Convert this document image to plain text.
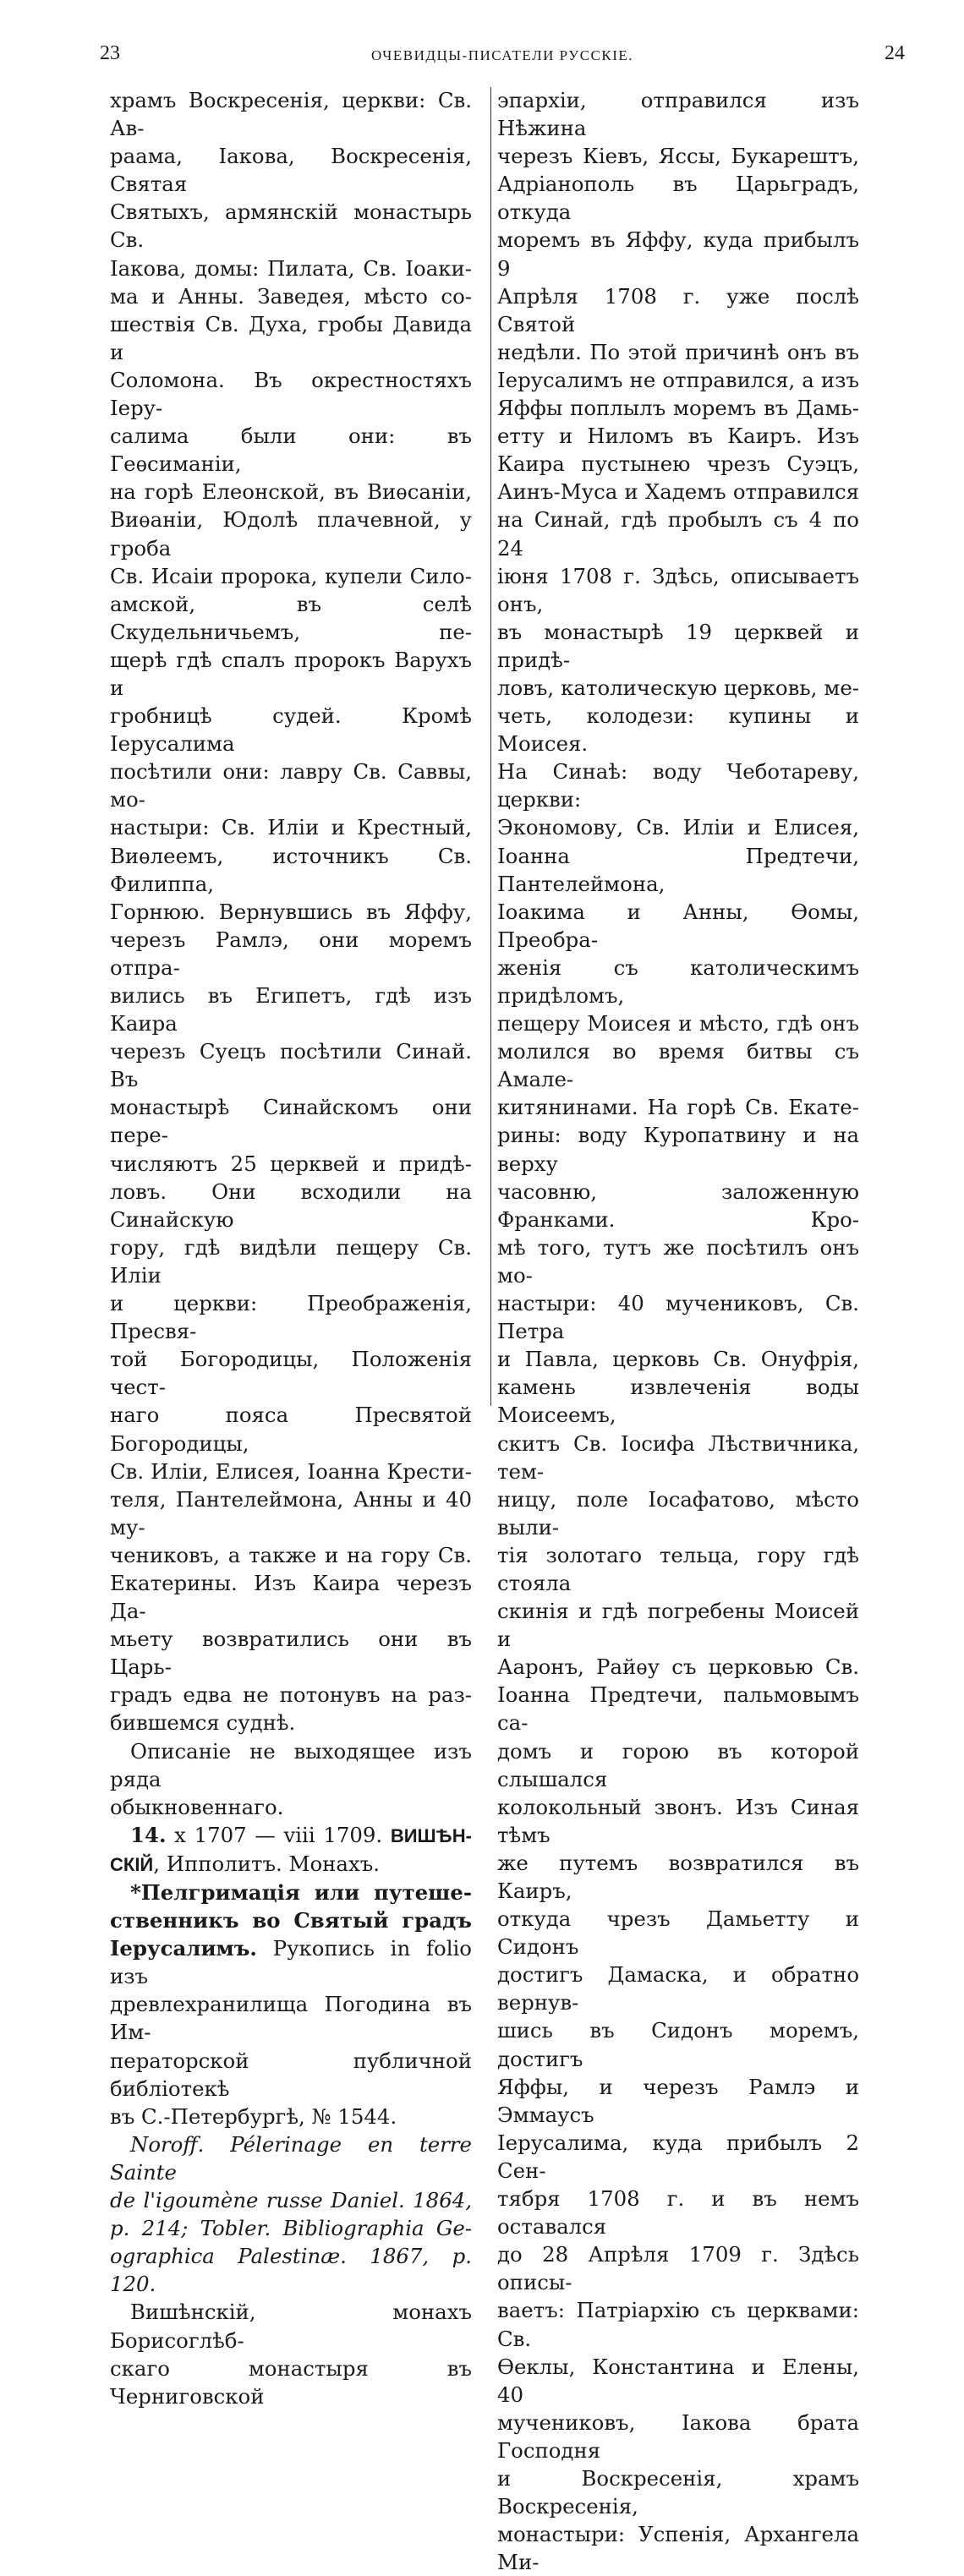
23	ОЧЕВИДЦЫ-ПИСАТЕЛИ РУССКІЕ.	24

храмъ Воскресенія, церкви: Св. Ав-

раама, Іакова, Воскресенія, Святая

Святыхъ, армянскій монастырь Св.

Іакова, домы: Пилата, Св. Іоаки-

ма и Анны. Заведея, мѣсто со-

шествія Св. Духа, гробы Давида и

Соломона. Въ окрестностяхъ Іеру-

салима были они: въ Геѳсиманіи,

на горѣ Елеонской, въ Виѳсаніи,

Виѳаніи, Юдолѣ плачевной, у гроба

Св. Исаіи пророка, купели Сило-

амской, въ селѣ Скудельничьемъ, пе-

щерѣ гдѣ спалъ пророкъ Варухъ и

гробницѣ судей. Кромѣ Іерусалима

посѣтили они: лавру Св. Саввы, мо-

настыри: Св. Иліи и Крестный,

Виѳлеемъ, источникъ Св. Филиппа,

Горнюю. Вернувшись въ Яффу,

черезъ Рамлэ, они моремъ отпра-

вились въ Египетъ, гдѣ изъ Каира

черезъ Суецъ посѣтили Синай. Въ

монастырѣ Синайскомъ они пере-

числяютъ 25 церквей и придѣ-

ловъ. Они всходили на Синайскую

гору, гдѣ видѣли пещеру Св. Иліи

и церкви: Преображенія, Пресвя-

той Богородицы, Положенія чест-

наго пояса Пресвятой Богородицы,

Св. Иліи, Елисея, Іоанна Крести-

теля, Пантелеймона, Анны и 40 му-

чениковъ, а также и на гору Св.

Екатерины. Изъ Каира черезъ Да-

мьету возвратились они въ Царь-

градъ едва не потонувъ на раз-

бившемся суднѣ.

Описаніе не выходящее изъ ряда

обыкновеннаго.

14. x 1707 — viii 1709. ВИШѢН-

СКІЙ, Ипполитъ. Монахъ.

*Пелгримація или путеше-

ственникъ во Святый градъ

Іерусалимъ. Рукопись in folio изъ

древлехранилища Погодина въ Им-

ператорской публичной библіотекѣ

въ С.-Петербургѣ, № 1544.

Noroff. Pélerinage en terre Sainte

de l'igoumène russe Daniel. 1864,

p. 214; Tobler. Bibliographia Ge-

ographica Palestinæ. 1867, p. 120.

Вишѣнскій, монахъ Борисоглѣб-

скаго монастыря въ Черниговской

эпархіи, отправился изъ Нѣжина

черезъ Кіевъ, Яссы, Букарештъ,

Адріанополь въ Царьградъ, откуда

моремъ въ Яффу, куда прибылъ 9

Апрѣля 1708 г. уже послѣ Святой

недѣли. По этой причинѣ онъ въ

Іерусалимъ не отправился, а изъ

Яффы поплылъ моремъ въ Дамь-

етту и Ниломъ въ Каиръ. Изъ

Каира пустынею чрезъ Суэцъ,

Аинъ-Муса и Хадемъ отправился

на Синай, гдѣ пробылъ съ 4 по 24

іюня 1708 г. Здѣсь, описываетъ онъ,

въ монастырѣ 19 церквей и придѣ-

ловъ, католическую церковь, ме-

четь, колодези: купины и Моисея.

На Синаѣ: воду Чеботареву, церкви:

Экономову, Св. Иліи и Елисея,

Іоанна Предтечи, Пантелеймона,

Іоакима и Анны, Ѳомы, Преобра-

женія съ католическимъ придѣломъ,

пещеру Моисея и мѣсто, гдѣ онъ

молился во время битвы съ Амале-

китянинами. На горѣ Св. Екате-

рины: воду Куропатвину и на верху

часовню, заложенную Франками. Кро-

мѣ того, тутъ же посѣтилъ онъ мо-

настыри: 40 мучениковъ, Св. Петра

и Павла, церковь Св. Онуфрія,

камень извлеченія воды Моисеемъ,

скитъ Св. Іосифа Лѣствичника, тем-

ницу, поле Іосафатово, мѣсто выли-

тія золотаго тельца, гору гдѣ стояла

скинія и гдѣ погребены Моисей и

Ааронъ, Райѳу съ церковью Св.

Іоанна Предтечи, пальмовымъ са-

домъ и горою въ которой слышался

колокольный звонъ. Изъ Синая тѣмъ

же путемъ возвратился въ Каиръ,

откуда чрезъ Дамьетту и Сидонъ

достигъ Дамаска, и обратно вернув-

шись въ Сидонъ моремъ, достигъ

Яффы, и черезъ Рамлэ и Эммаусъ

Іерусалима, куда прибылъ 2 Сен-

тября 1708 г. и въ немъ оставался

до 28 Апрѣля 1709 г. Здѣсь описы-

ваетъ: Патріархію съ церквами: Св.

Ѳеклы, Константина и Елены, 40

мучениковъ, Іакова брата Господня

и Воскресенія, храмъ Воскресенія,

монастыри: Успенія, Архангела Ми-
